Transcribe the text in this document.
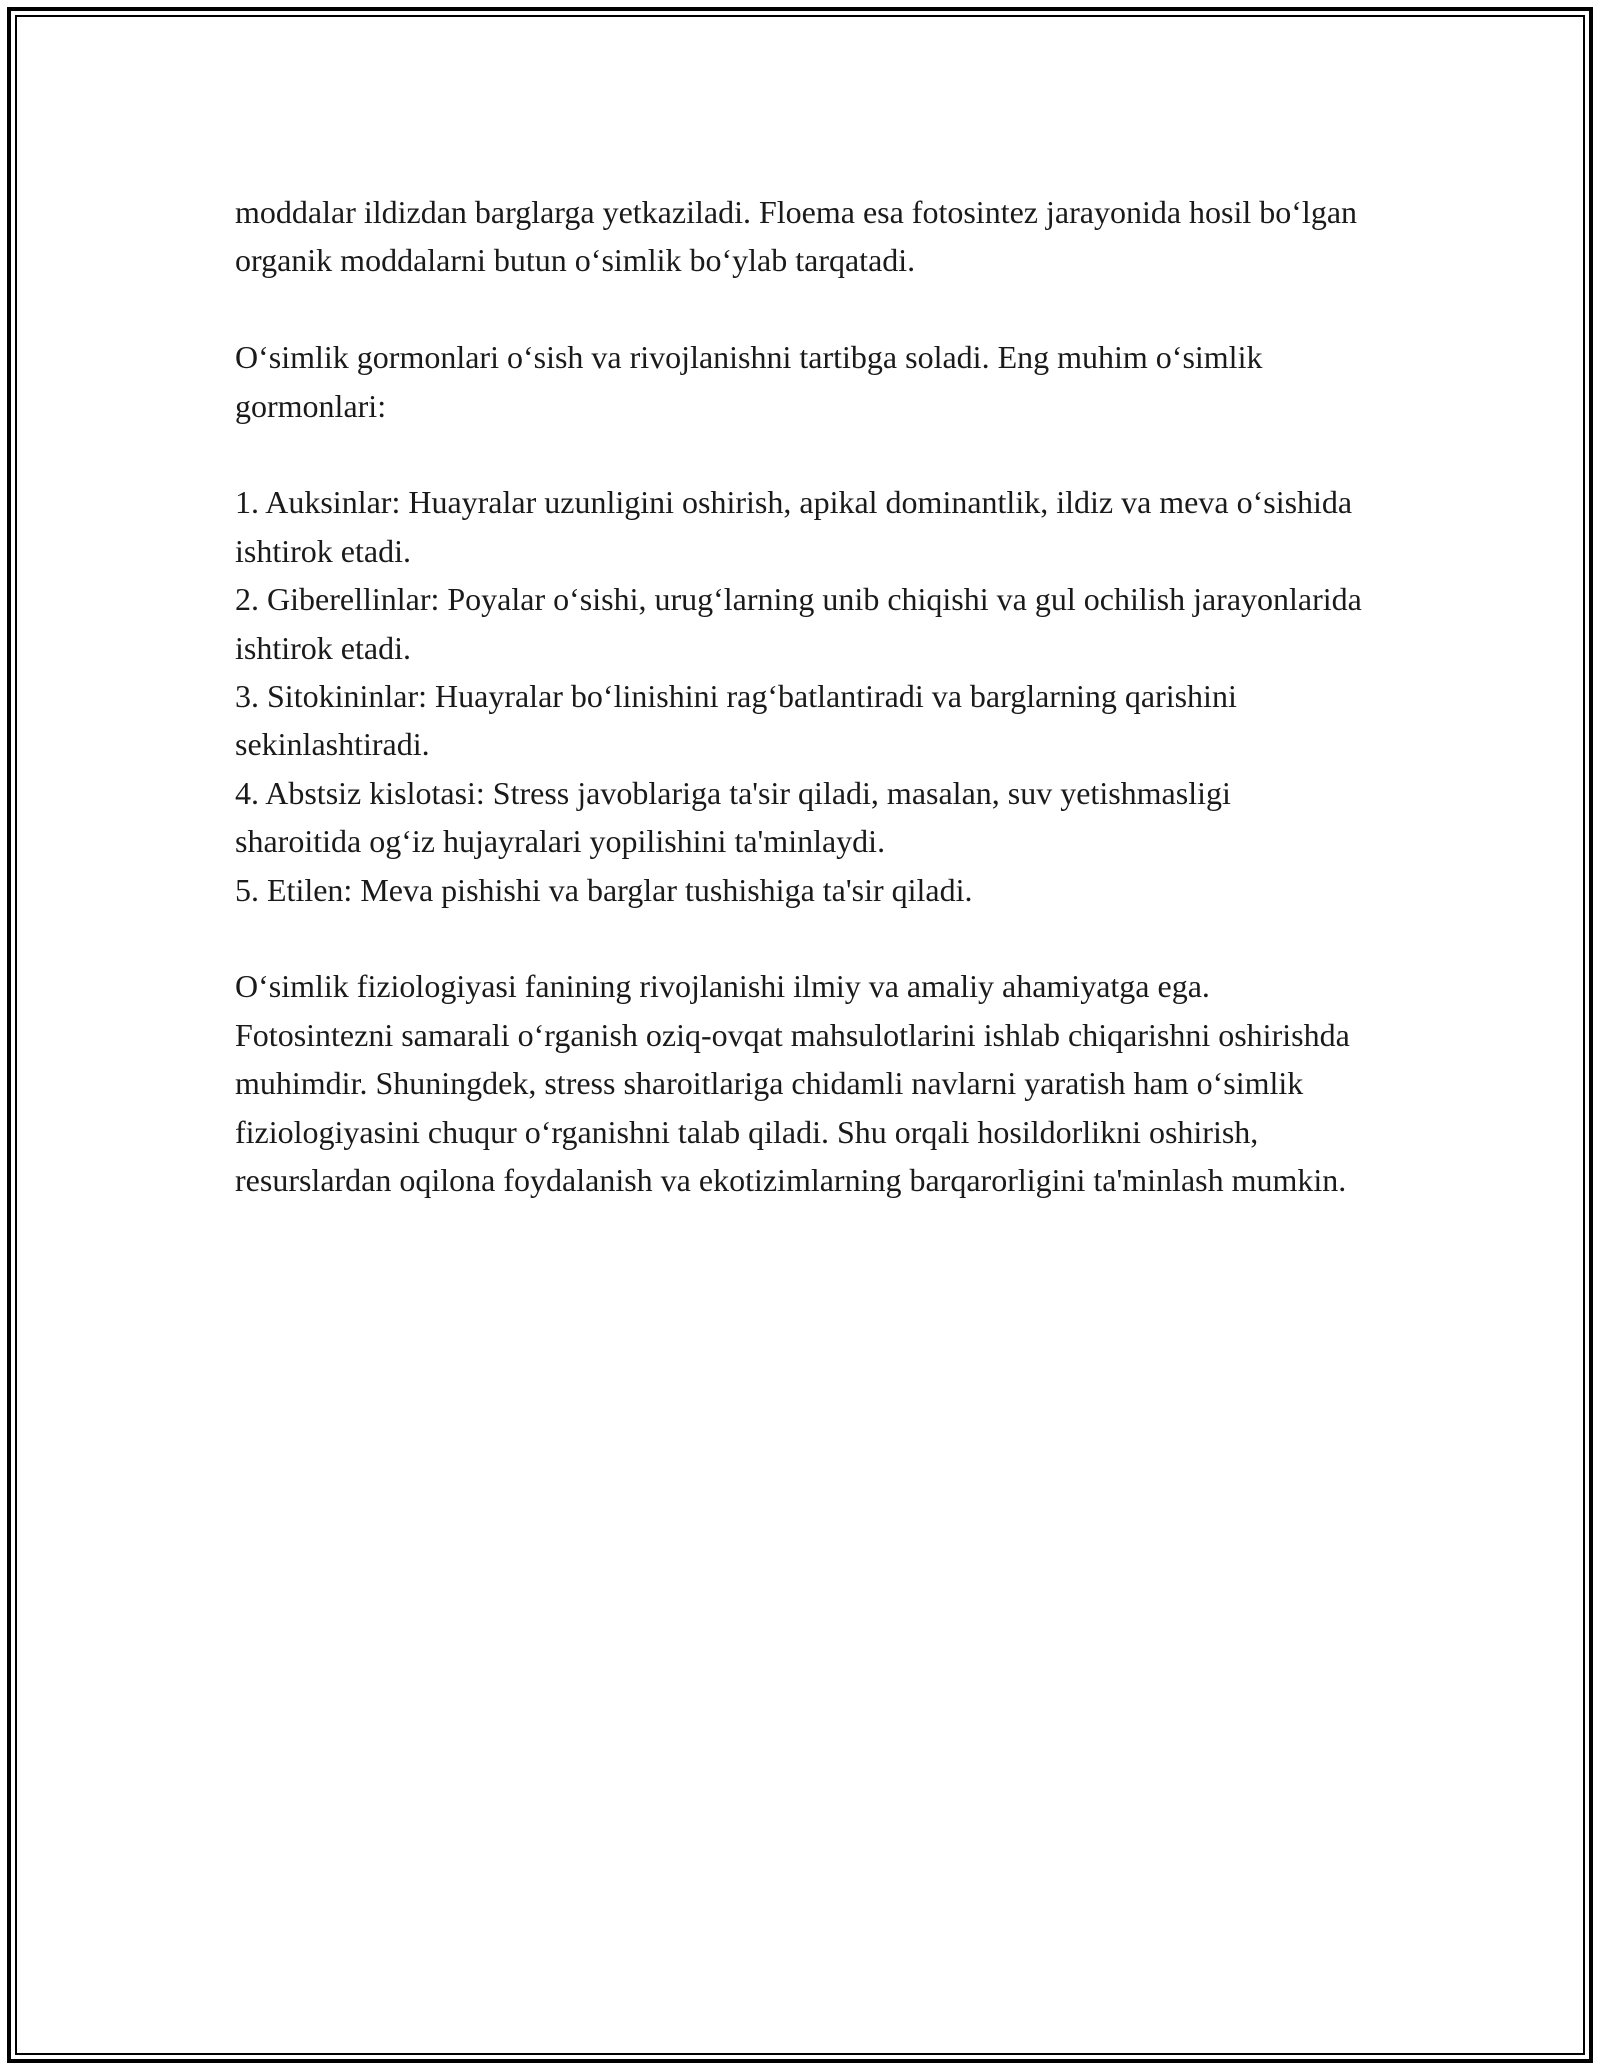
moddalar ildizdan barglarga yetkaziladi. Floema esa fotosintez jarayonida hosil bo‘lgan organik moddalarni butun o‘simlik bo‘ylab tarqatadi.

O‘simlik gormonlari o‘sish va rivojlanishni tartibga soladi. Eng muhim o‘simlik gormonlari:

1. Auksinlar: Huayralar uzunligini oshirish, apikal dominantlik, ildiz va meva o‘sishida ishtirok etadi.

2. Giberellinlar: Poyalar o‘sishi, urug‘larning unib chiqishi va gul ochilish jarayonlarida ishtirok etadi.

3. Sitokininlar: Huayralar bo‘linishini rag‘batlantiradi va barglarning qarishini sekinlashtiradi.

4. Abstsiz kislotasi: Stress javoblariga ta'sir qiladi, masalan, suv yetishmasligi sharoitida og‘iz hujayralari yopilishini ta'minlaydi.

5. Etilen: Meva pishishi va barglar tushishiga ta'sir qiladi.

O‘simlik fiziologiyasi fanining rivojlanishi ilmiy va amaliy ahamiyatga ega. Fotosintezni samarali o‘rganish oziq-ovqat mahsulotlarini ishlab chiqarishni oshirishda muhimdir. Shuningdek, stress sharoitlariga chidamli navlarni yaratish ham o‘simlik fiziologiyasini chuqur o‘rganishni talab qiladi. Shu orqali hosildorlikni oshirish, resurslardan oqilona foydalanish va ekotizimlarning barqarorligini ta'minlash mumkin.
